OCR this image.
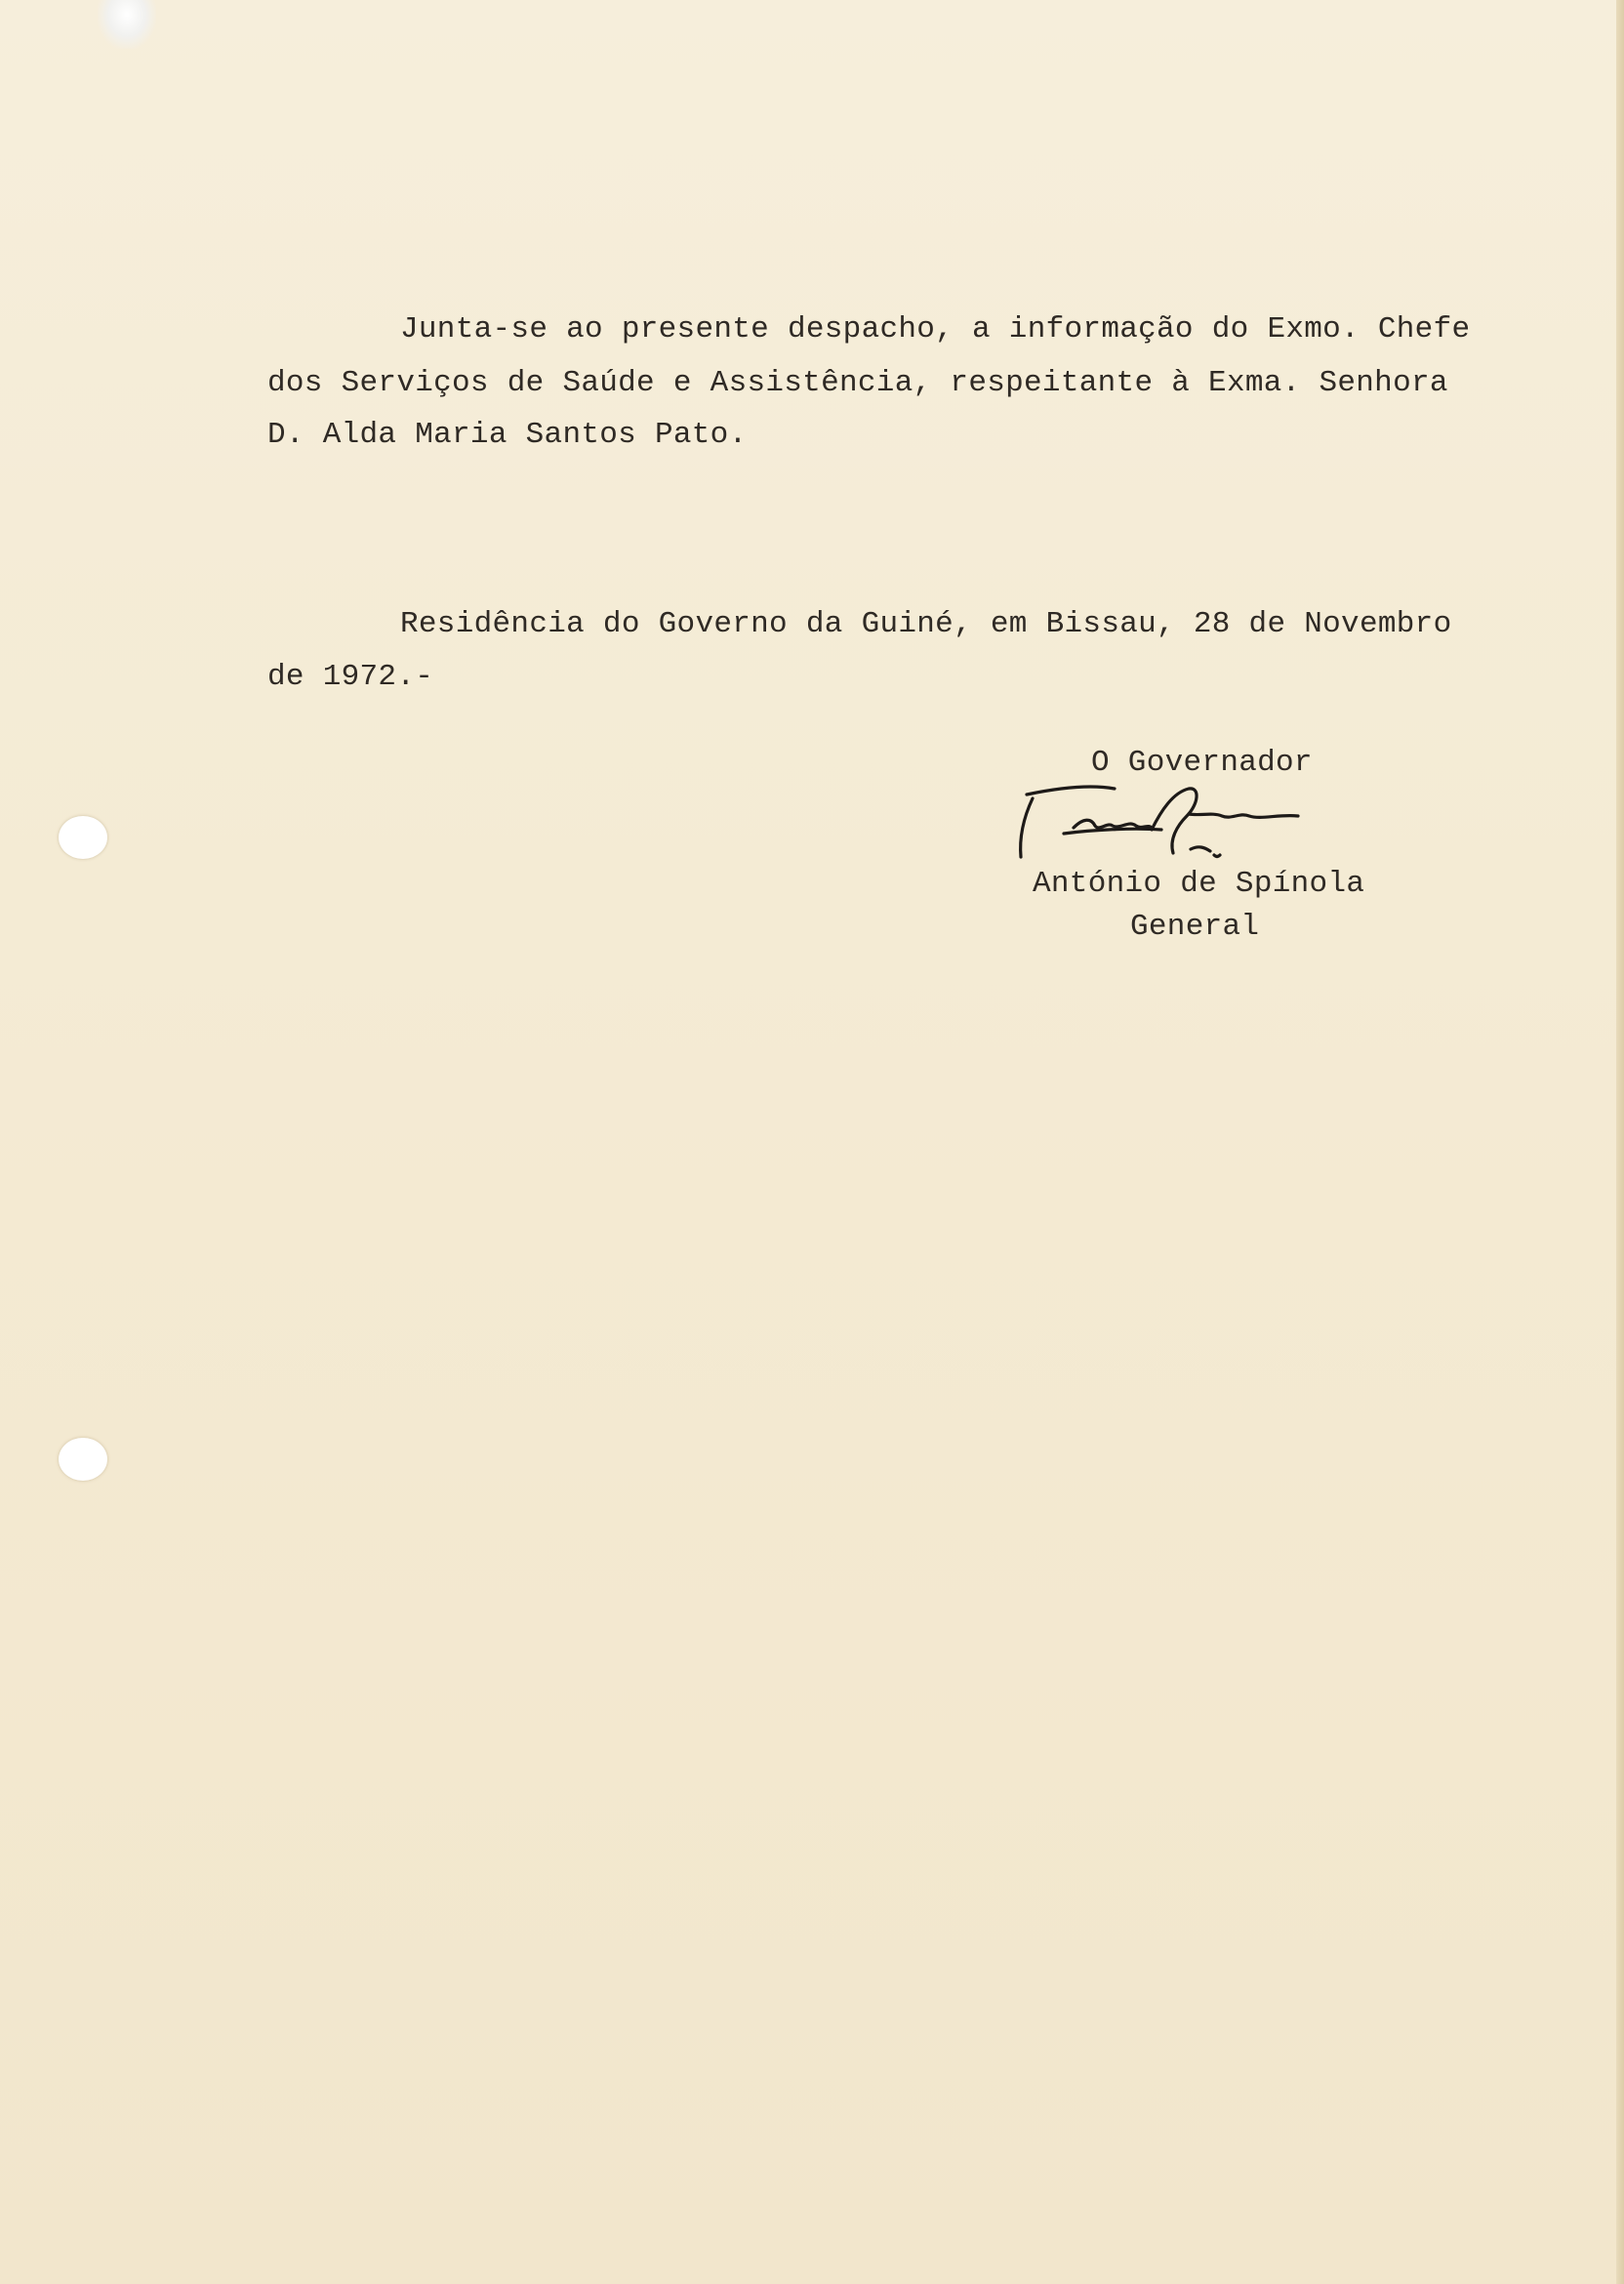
Junta-se ao presente despacho, a informação do Exmo. Chefe

dos Serviços de Saúde e Assistência, respeitante à Exma. Senhora

D. Alda Maria Santos Pato.

Residência do Governo da Guiné, em Bissau, 28 de Novembro

de 1972.-

O Governador

António de Spínola

General
